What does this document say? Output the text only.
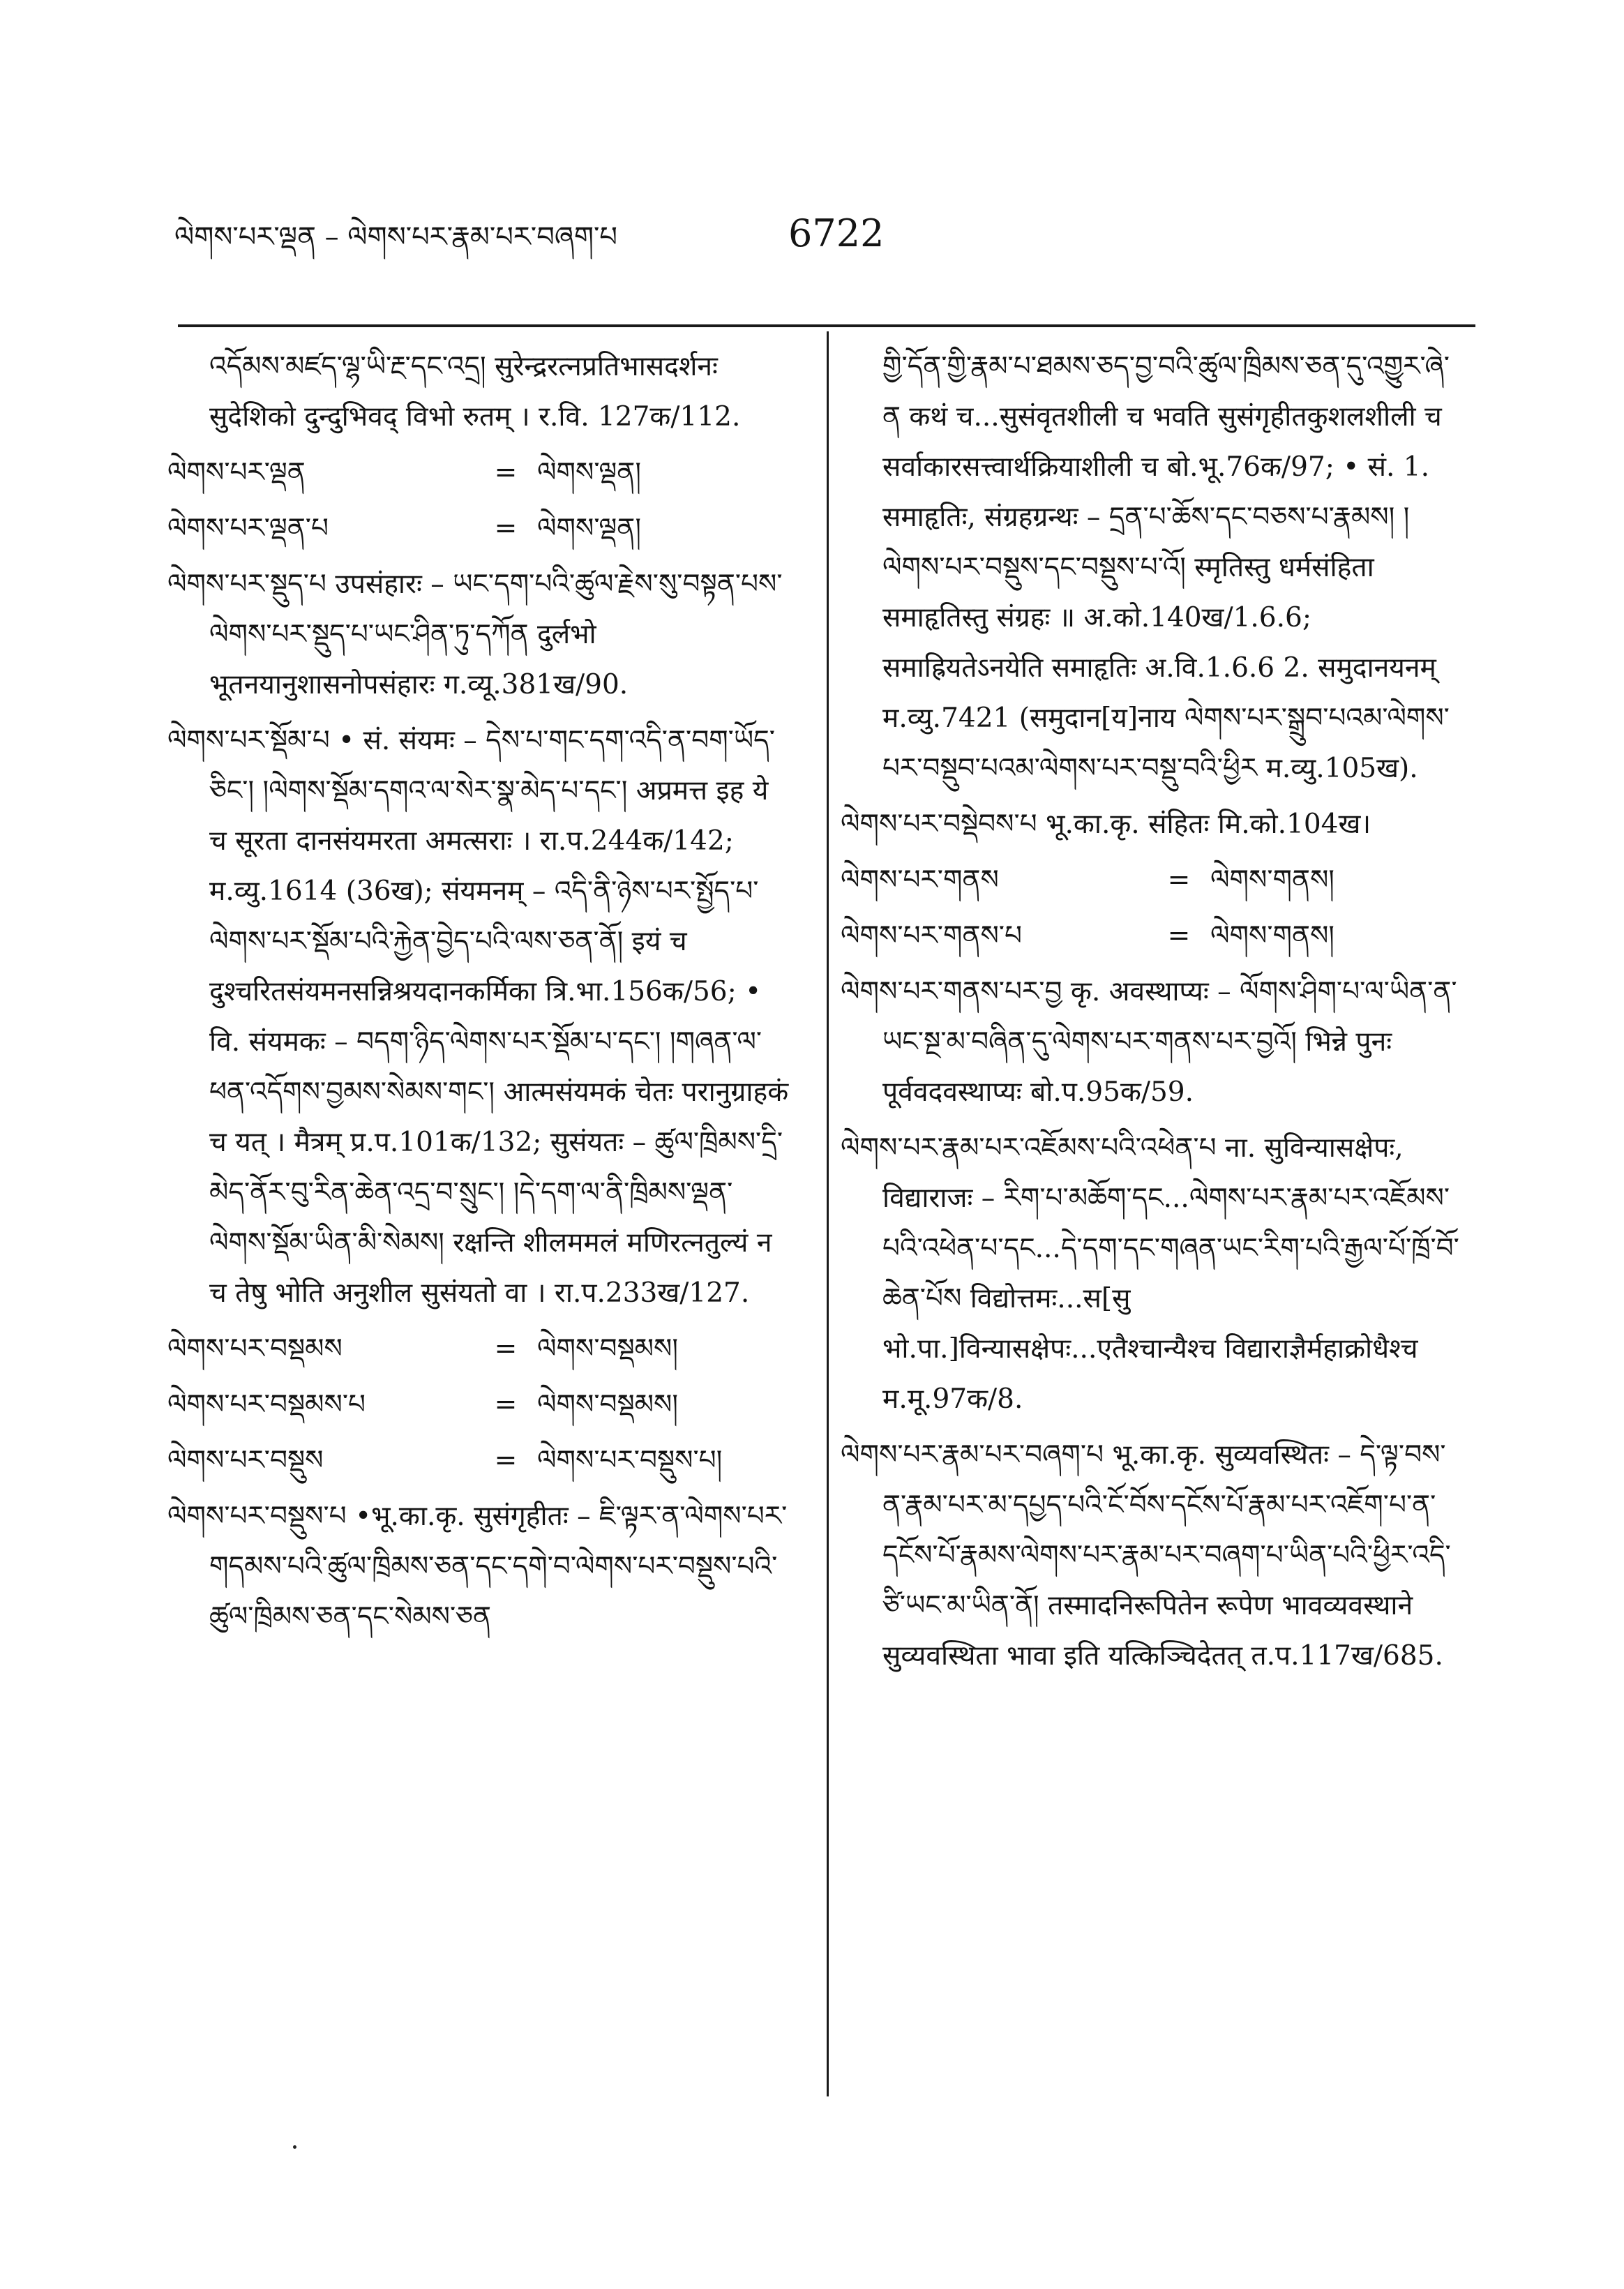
ལེགས་པར་ལྡན – ལེགས་པར་རྣམ་པར་བཞག་པ	6722

འདོམས་མཛད་ལྷ་ཡི་རྔ་དང་འདྲ། सुरेन्द्ररत्नप्रतिभासदर्शनः सुदेशिको दुन्दुभिवद् विभो रुतम् । र.वि. 127क/112.

ལེགས་པར་ལྡན	= ལེགས་ལྡན།
ལེགས་པར་ལྡན་པ	= ལེགས་ལྡན།

ལེགས་པར་སྡུད་པ उपसंहारः – ཡང་དག་པའི་ཚུལ་རྗེས་སུ་བསྟན་པས་ལེགས་པར་སྡུད་པ་ཡང་ཤིན་ཏུ་དཀོན दुर्लभो भूतनयानुशासनोपसंहारः ग.व्यू.381ख/90.

ལེགས་པར་སྡོམ་པ • सं. संयमः – དེས་པ་གང་དག་འདི་ན་བག་ཡོད་ཅིང་། །ལེགས་སྡོམ་དགའ་ལ་སེར་སྣ་མེད་པ་དང་། अप्रमत्त इह ये च सूरता दानसंयमरता अमत्सराः । रा.प.244क/142; म.व्यु.1614 (36ख); संयमनम् – འདི་ནི་ཉེས་པར་སྤྱོད་པ་ལེགས་པར་སྡོམ་པའི་རྐྱེན་བྱེད་པའི་ལས་ཅན་ནོ། इयं च दुश्चरितसंयमनसन्निश्रयदानकर्मिका त्रि.भा.156क/56; • वि. संयमकः – བདག་ཉིད་ལེགས་པར་སྡོམ་པ་དང་། །གཞན་ལ་ཕན་འདོགས་བྱམས་སེམས་གང་། आत्मसंयमकं चेतः परानुग्राहकं च यत् । मैत्रम् प्र.प.101क/132; सुसंयतः – ཚུལ་ཁྲིམས་དྲི་མེད་ནོར་བུ་རིན་ཆེན་འདྲ་བ་སྲུང་། །དེ་དག་ལ་ནི་ཁྲིམས་ལྡན་ལེགས་སྡོམ་ཡིན་མི་སེམས། रक्षन्ति शीलममलं मणिरत्नतुल्यं न च तेषु भोति अनुशील सुसंयतो वा । रा.प.233ख/127.

ལེགས་པར་བསྡམས	= ལེགས་བསྡམས།
ལེགས་པར་བསྡམས་པ	= ལེགས་བསྡམས།
ལེགས་པར་བསྡུས	= ལེགས་པར་བསྡུས་པ།

ལེགས་པར་བསྡུས་པ •भू.का.कृ. सुसंगृहीतः – ཇི་ལྟར་ན་ལེགས་པར་གདམས་པའི་ཚུལ་ཁྲིམས་ཅན་དང་དགེ་བ་ལེགས་པར་བསྡུས་པའི་ཚུལ་ཁྲིམས་ཅན་དང་སེམས་ཅན

གྱི་དོན་གྱི་རྣམ་པ་ཐམས་ཅད་བྱ་བའི་ཚུལ་ཁྲིམས་ཅན་དུ་འགྱུར་ཞེ་ན कथं च...सुसंवृतशीली च भवति सुसंगृहीतकुशलशीली च सर्वाकारसत्त्वार्थक्रियाशीली च बो.भू.76क/97; • सं. 1. समाहृतिः, संग्रहग्रन्थः – དྲན་པ་ཆོས་དང་བཅས་པ་རྣམས། །ལེགས་པར་བསྡུས་དང་བསྡུས་པ་འོ། स्मृतिस्तु धर्मसंहिता समाहृतिस्तु संग्रहः ॥ अ.को.140ख/1.6.6; समाह्रियतेऽनयेति समाहृतिः अ.वि.1.6.6 2. समुदानयनम् म.व्यु.7421 (समुदान[य]नाय ལེགས་པར་སྒྲུབ་པའམ་ལེགས་པར་བསྡུབ་པའམ་ལེགས་པར་བསྡུ་བའི་ཕྱིར म.व्यु.105ख).

ལེགས་པར་བསྡེབས་པ भू.का.कृ. संहितः मि.को.104ख।

ལེགས་པར་གནས	= ལེགས་གནས།
ལེགས་པར་གནས་པ	= ལེགས་གནས།

ལེགས་པར་གནས་པར་བྱ कृ. अवस्थाप्यः – ལོགས་ཤིག་པ་ལ་ཡིན་ན་ཡང་སྔ་མ་བཞིན་དུ་ལེགས་པར་གནས་པར་བྱའོ། भिन्ने पुनः पूर्ववदवस्थाप्यः बो.प.95क/59.

ལེགས་པར་རྣམ་པར་འཇོམས་པའི་འཕེན་པ ना. सुविन्यासक्षेपः, विद्याराजः – རིག་པ་མཆོག་དང...ལེགས་པར་རྣམ་པར་འཇོམས་པའི་འཕེན་པ་དང...དེ་དག་དང་གཞན་ཡང་རིག་པའི་རྒྱལ་པོ་ཁྲོ་བོ་ཆེན་པོས विद्योत्तमः...स[सु भो.पा.]विन्यासक्षेपः...एतैश्चान्यैश्च विद्याराज्ञैर्महाक्रोधैश्च म.मू.97क/8.

ལེགས་པར་རྣམ་པར་བཞག་པ भू.का.कृ. सुव्यवस्थितः – དེ་ལྟ་བས་ན་རྣམ་པར་མ་དཔྱད་པའི་ངོ་བོས་དངོས་པོ་རྣམ་པར་འཇོག་པ་ན་དངོས་པོ་རྣམས་ལེགས་པར་རྣམ་པར་བཞག་པ་ཡིན་པའི་ཕྱིར་འདི་ཙི་ཡང་མ་ཡིན་ནོ། तस्मादनिरूपितेन रूपेण भावव्यवस्थाने सुव्यवस्थिता भावा इति यत्किञ्चिदेतत् त.प.117ख/685.
